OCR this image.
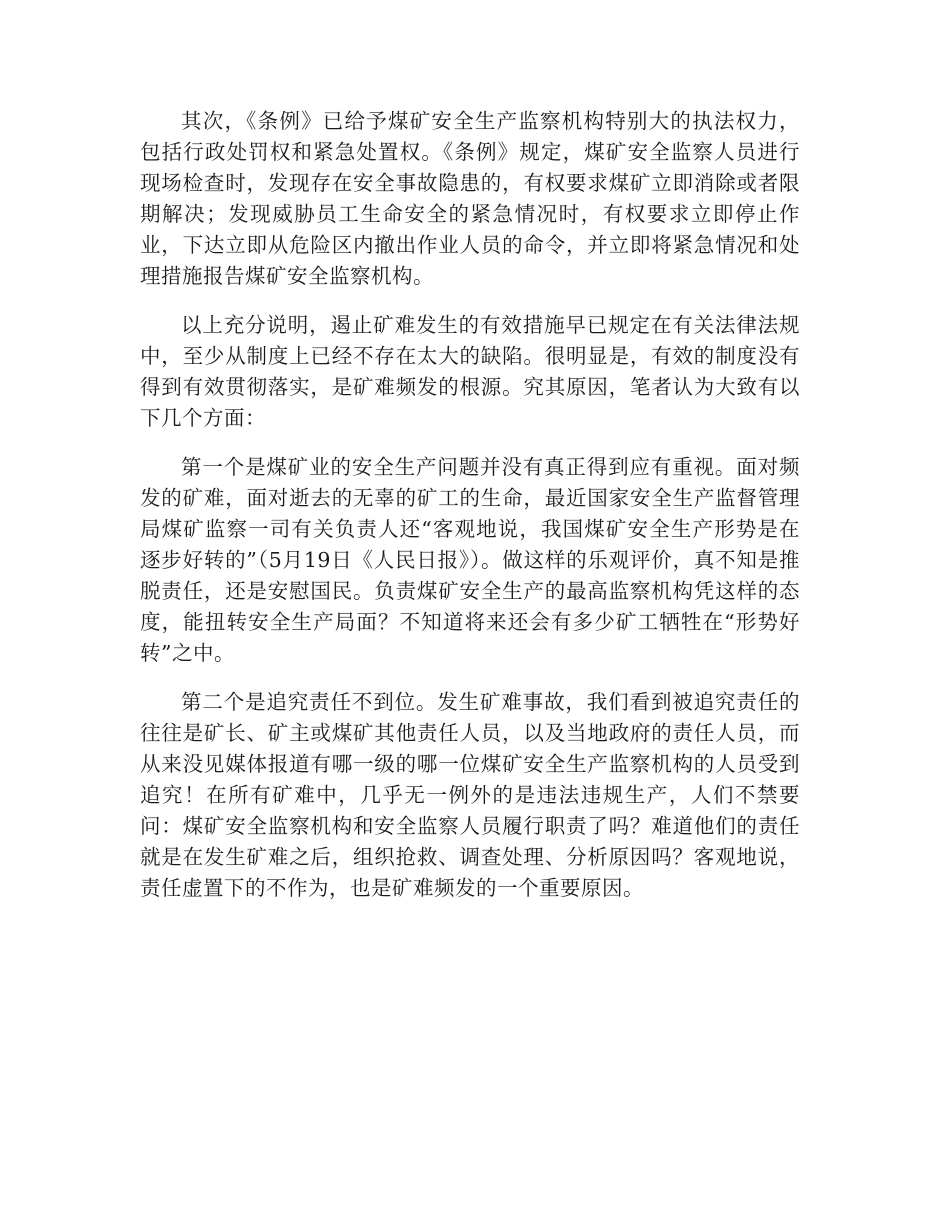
其次，《条例》已给予煤矿安全生产监察机构特别大的执法权力，包括行政处罚权和紧急处置权。《条例》规定，煤矿安全监察人员进行现场检查时，发现存在安全事故隐患的，有权要求煤矿立即消除或者限期解决；发现威胁员工生命安全的紧急情况时，有权要求立即停止作业，下达立即从危险区内撤出作业人员的命令，并立即将紧急情况和处理措施报告煤矿安全监察机构。

以上充分说明，遏止矿难发生的有效措施早已规定在有关法律法规中，至少从制度上已经不存在太大的缺陷。很明显是，有效的制度没有得到有效贯彻落实，是矿难频发的根源。究其原因，笔者认为大致有以下几个方面：

第一个是煤矿业的安全生产问题并没有真正得到应有重视。面对频发的矿难，面对逝去的无辜的矿工的生命，最近国家安全生产监督管理局煤矿监察一司有关负责人还“客观地说，我国煤矿安全生产形势是在逐步好转的”（5月19日《人民日报》）。做这样的乐观评价，真不知是推脱责任，还是安慰国民。负责煤矿安全生产的最高监察机构凭这样的态度，能扭转安全生产局面？不知道将来还会有多少矿工牺牲在“形势好转”之中。

第二个是追究责任不到位。发生矿难事故，我们看到被追究责任的往往是矿长、矿主或煤矿其他责任人员，以及当地政府的责任人员，而从来没见媒体报道有哪一级的哪一位煤矿安全生产监察机构的人员受到追究！在所有矿难中，几乎无一例外的是违法违规生产，人们不禁要问：煤矿安全监察机构和安全监察人员履行职责了吗？难道他们的责任就是在发生矿难之后，组织抢救、调查处理、分析原因吗？客观地说，责任虚置下的不作为，也是矿难频发的一个重要原因。
